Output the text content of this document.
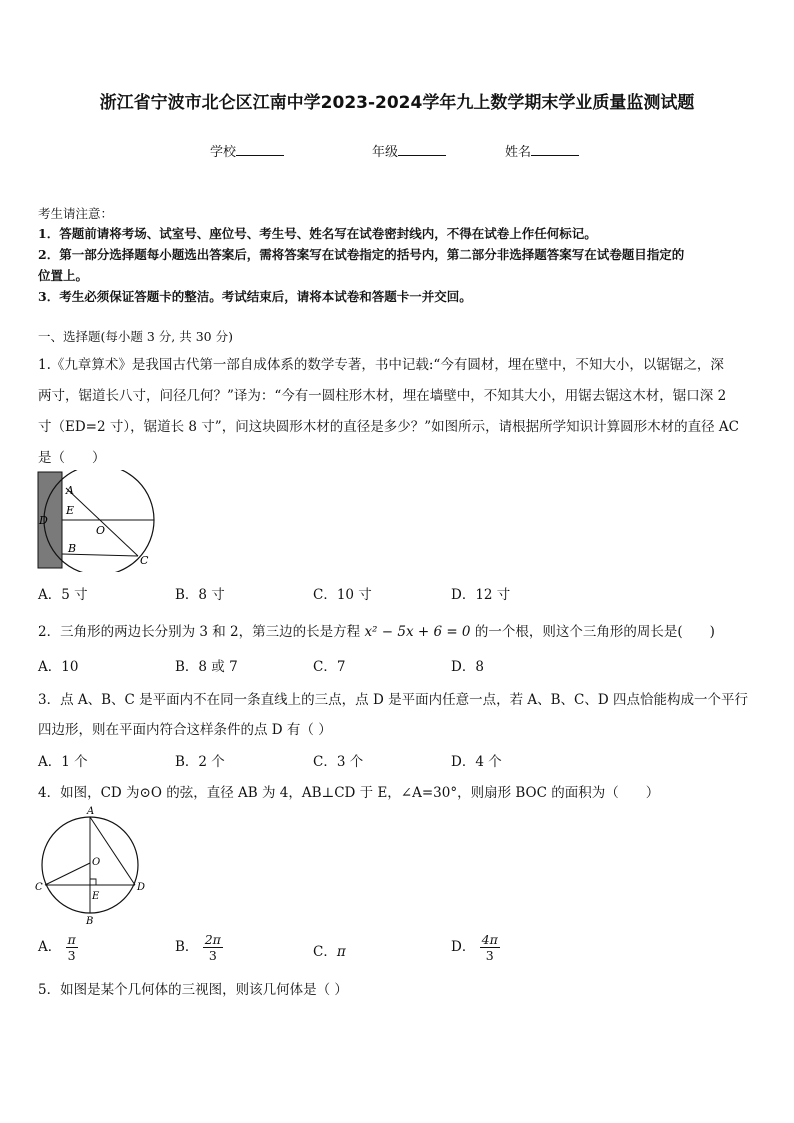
浙江省宁波市北仑区江南中学2023-2024学年九上数学期末学业质量监测试题
学校	年级	姓名
考生请注意：
1．答题前请将考场、试室号、座位号、考生号、姓名写在试卷密封线内，不得在试卷上作任何标记。
2．第一部分选择题每小题选出答案后，需将答案写在试卷指定的括号内，第二部分非选择题答案写在试卷题目指定的
位置上。
3．考生必须保证答题卡的整洁。考试结束后，请将本试卷和答题卡一并交回。
一、选择题(每小题 3 分, 共 30 分)
1.《九章算术》是我国古代第一部自成体系的数学专著，书中记载:“今有圆材，埋在壁中，不知大小，以锯锯之，深
两寸，锯道长八寸，问径几何？”译为：“今有一圆柱形木材，埋在墙壁中，不知其大小，用锯去锯这木材，锯口深 2
寸（ED=2 寸），锯道长 8 寸”，问这块圆形木材的直径是多少？”如图所示，请根据所学知识计算圆形木材的直径 AC
是（　　）
A
E
D
O
B
C
A．5 寸	B．8 寸	C．10 寸	D．12 寸
2．三角形的两边长分别为 3 和 2，第三边的长是方程 x² − 5x + 6 = 0 的一个根，则这个三角形的周长是(　　)
A．10	B．8 或 7	C．7	D．8
3．点 A、B、C 是平面内不在同一条直线上的三点，点 D 是平面内任意一点，若 A、B、C、D 四点恰能构成一个平行
四边形，则在平面内符合这样条件的点 D 有（ ）
A．1 个	B．2 个	C．3 个	D．4 个
4．如图，CD 为⊙O 的弦，直径 AB 为 4，AB⊥CD 于 E，∠A=30°，则扇形 BOC 的面积为（　　）
A
O
C
E
D
B
A． $\frac{\pi}{3}$	B． $\frac{2\pi}{3}$	C．π	D． $\frac{4\pi}{3}$
5．如图是某个几何体的三视图，则该几何体是（ ）
